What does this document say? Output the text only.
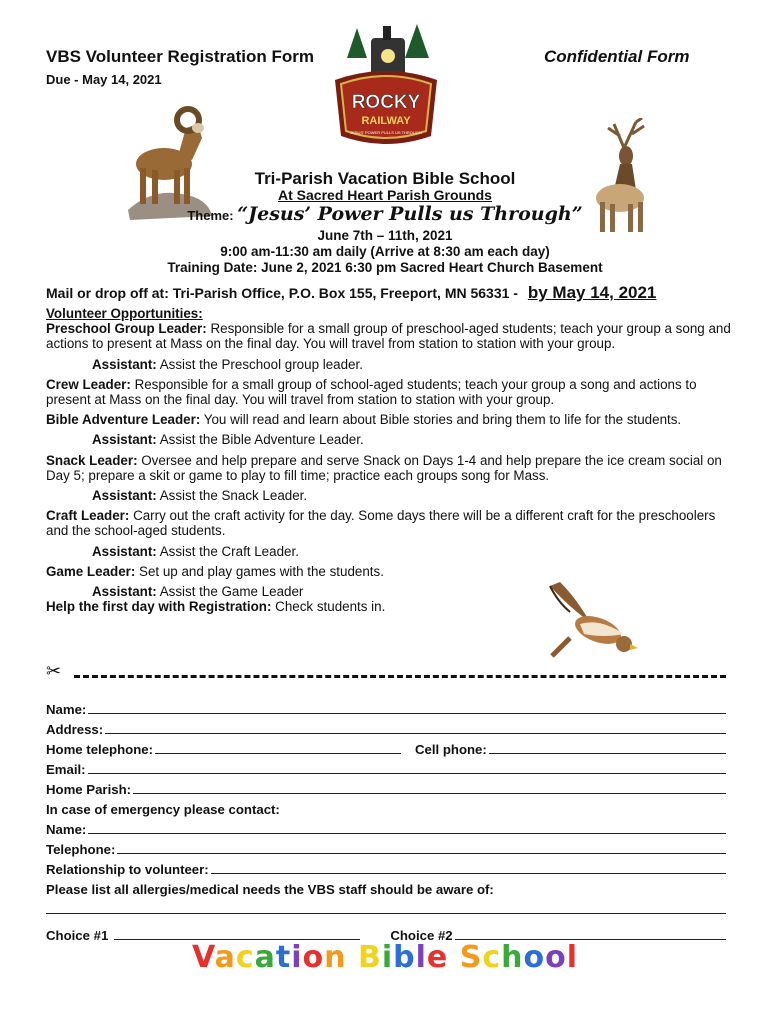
VBS Volunteer Registration Form	Confidential Form
Due - May 14, 2021
ROCKY
RAILWAY
JESUS' POWER PULLS US THROUGH
Tri-Parish Vacation Bible School
At Sacred Heart Parish Grounds
Theme: “Jesus’ Power Pulls us Through”
June 7th – 11th, 2021
9:00 am-11:30 am daily (Arrive at 8:30 am each day)
Training Date: June 2, 2021 6:30 pm Sacred Heart Church Basement
Mail or drop off at: Tri-Parish Office, P.O. Box 155, Freeport, MN 56331 - by May 14, 2021

Volunteer Opportunities:

Preschool Group Leader: Responsible for a small group of preschool-aged students; teach your group a song and actions to present at Mass on the final day. You will travel from station to station with your group.

Assistant: Assist the Preschool group leader.

Crew Leader: Responsible for a small group of school-aged students; teach your group a song and actions to present at Mass on the final day. You will travel from station to station with your group.

Bible Adventure Leader: You will read and learn about Bible stories and bring them to life for the students.

Assistant: Assist the Bible Adventure Leader.

Snack Leader: Oversee and help prepare and serve Snack on Days 1-4 and help prepare the ice cream social on Day 5; prepare a skit or game to play to fill time; practice each groups song for Mass.

Assistant: Assist the Snack Leader.

Craft Leader: Carry out the craft activity for the day. Some days there will be a different craft for the preschoolers and the school-aged students.

Assistant: Assist the Craft Leader.

Game Leader: Set up and play games with the students.

Assistant: Assist the Game Leader

Help the first day with Registration: Check students in.

✂
Name:
Address:
Home telephone:	Cell phone:
Email:
Home Parish:
In case of emergency please contact:
Name:
Telephone:
Relationship to volunteer:
Please list all allergies/medical needs the VBS staff should be aware of:
Choice #1	Choice #2
Vacation Bible School
